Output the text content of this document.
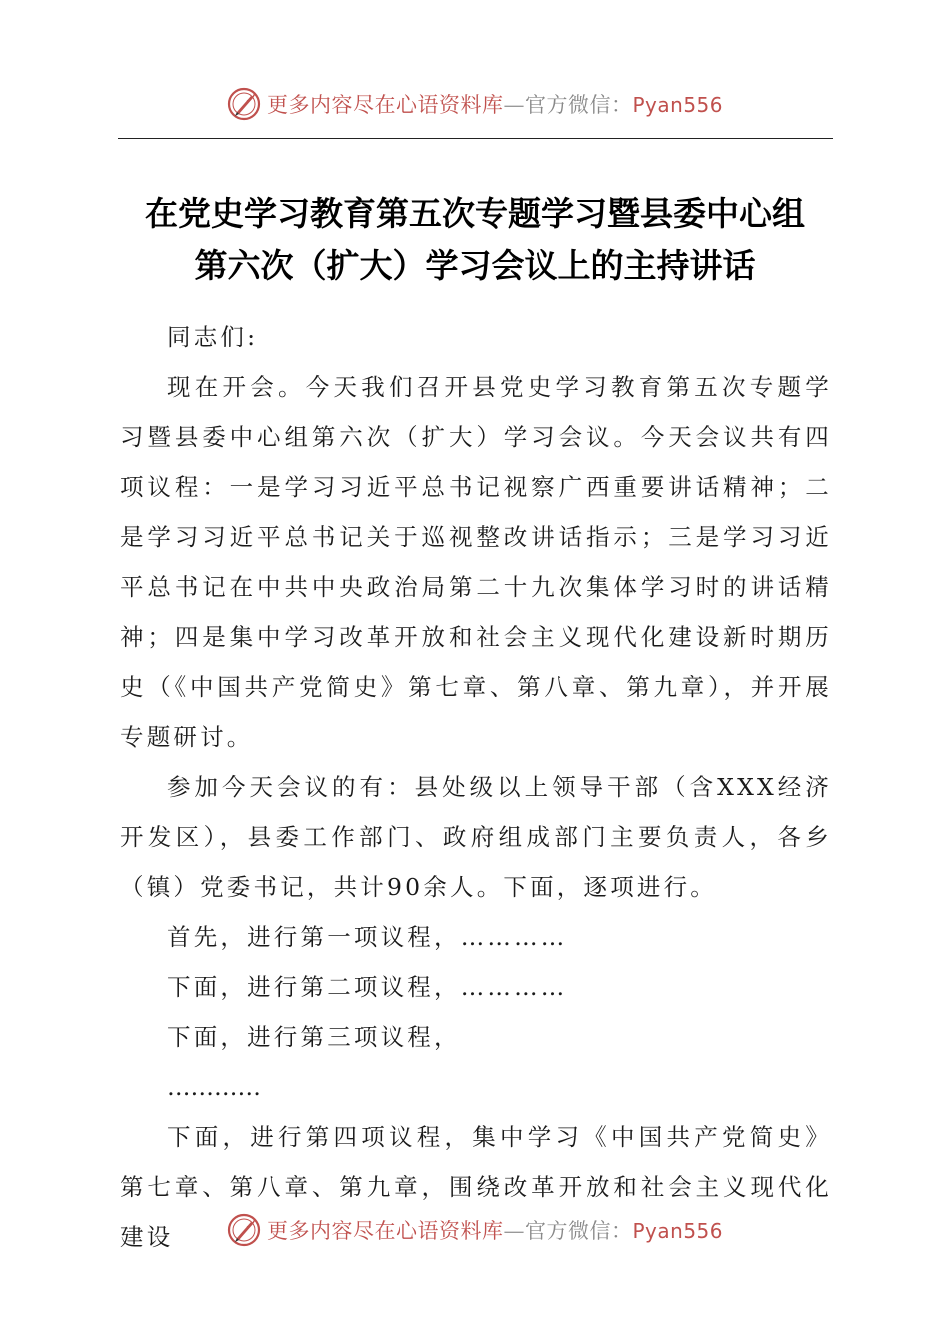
更多内容尽在心语资料库—官方微信：Pyan556
在党史学习教育第五次专题学习暨县委中心组
第六次（扩大）学习会议上的主持讲话

同志们:

现在开会。今天我们召开县党史学习教育第五次专题学习暨县委中心组第六次（扩大）学习会议。今天会议共有四项议程：一是学习习近平总书记视察广西重要讲话精神；二是学习习近平总书记关于巡视整改讲话指示；三是学习习近平总书记在中共中央政治局第二十九次集体学习时的讲话精神；四是集中学习改革开放和社会主义现代化建设新时期历史（《中国共产党简史》第七章、第八章、第九章），并开展专题研讨。

参加今天会议的有：县处级以上领导干部（含XXX经济开发区），县委工作部门、政府组成部门主要负责人，各乡（镇）党委书记，共计90余人。下面，逐项进行。

首先，进行第一项议程，…………

下面，进行第二项议程，…………

下面，进行第三项议程，

…………

下面，进行第四项议程，集中学习《中国共产党简史》第七章、第八章、第九章，围绕改革开放和社会主义现代化建设	更多内容尽在心语资料库—官方微信：Pyan556
